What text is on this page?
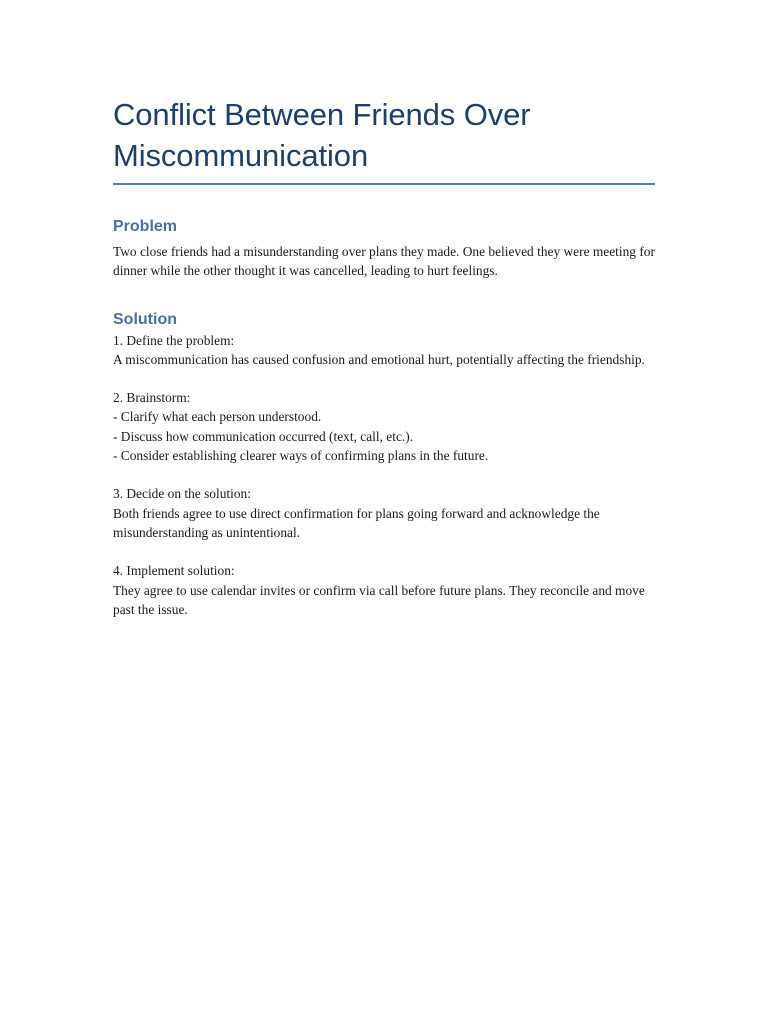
Conflict Between Friends Over Miscommunication
Problem

Two close friends had a misunderstanding over plans they made. One believed they were meeting for dinner while the other thought it was cancelled, leading to hurt feelings.

Solution

1. Define the problem:

A miscommunication has caused confusion and emotional hurt, potentially affecting the friendship.

2. Brainstorm:

- Clarify what each person understood.

- Discuss how communication occurred (text, call, etc.).

- Consider establishing clearer ways of confirming plans in the future.

3. Decide on the solution:

Both friends agree to use direct confirmation for plans going forward and acknowledge the misunderstanding as unintentional.

4. Implement solution:

They agree to use calendar invites or confirm via call before future plans. They reconcile and move past the issue.
